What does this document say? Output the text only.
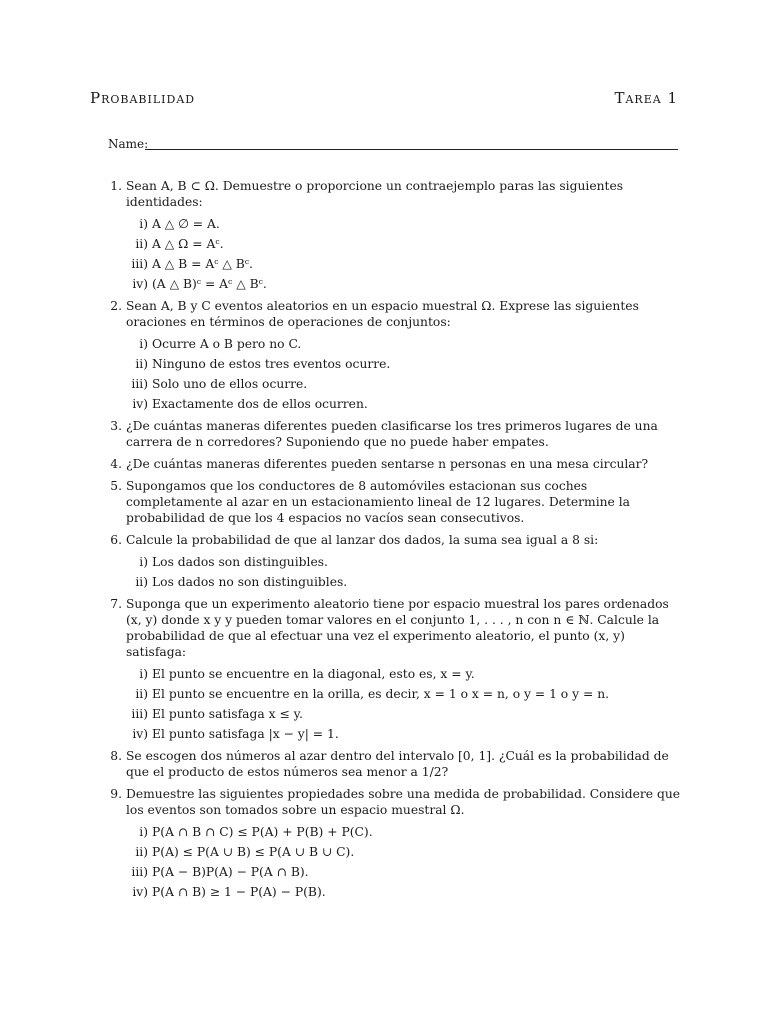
Probabilidad	Tarea 1
Name:
1. Sean A, B ⊂ Ω. Demuestre o proporcione un contraejemplo paras las siguientes identidades:
i) A △ ∅ = A.
ii) A △ Ω = Aᶜ.
iii) A △ B = Aᶜ △ Bᶜ.
iv) (A △ B)ᶜ = Aᶜ △ Bᶜ.
2. Sean A, B y C eventos aleatorios en un espacio muestral Ω. Exprese las siguientes oraciones en términos de operaciones de conjuntos:
i) Ocurre A o B pero no C.
ii) Ninguno de estos tres eventos ocurre.
iii) Solo uno de ellos ocurre.
iv) Exactamente dos de ellos ocurren.
3. ¿De cuántas maneras diferentes pueden clasificarse los tres primeros lugares de una carrera de n corredores? Suponiendo que no puede haber empates.
4. ¿De cuántas maneras diferentes pueden sentarse n personas en una mesa circular?
5. Supongamos que los conductores de 8 automóviles estacionan sus coches completamente al azar en un estacionamiento lineal de 12 lugares. Determine la probabilidad de que los 4 espacios no vacíos sean consecutivos.
6. Calcule la probabilidad de que al lanzar dos dados, la suma sea igual a 8 si:
i) Los dados son distinguibles.
ii) Los dados no son distinguibles.
7. Suponga que un experimento aleatorio tiene por espacio muestral los pares ordenados (x, y) donde x y y pueden tomar valores en el conjunto 1, . . . , n con n ∈ ℕ. Calcule la probabilidad de que al efectuar una vez el experimento aleatorio, el punto (x, y) satisfaga:
i) El punto se encuentre en la diagonal, esto es, x = y.
ii) El punto se encuentre en la orilla, es decir, x = 1 o x = n, o y = 1 o y = n.
iii) El punto satisfaga x ≤ y.
iv) El punto satisfaga |x − y| = 1.
8. Se escogen dos números al azar dentro del intervalo [0, 1]. ¿Cuál es la probabilidad de que el producto de estos números sea menor a 1/2?
9. Demuestre las siguientes propiedades sobre una medida de probabilidad. Considere que los eventos son tomados sobre un espacio muestral Ω.
i) P(A ∩ B ∩ C) ≤ P(A) + P(B) + P(C).
ii) P(A) ≤ P(A ∪ B) ≤ P(A ∪ B ∪ C).
iii) P(A − B)P(A) − P(A ∩ B).
iv) P(A ∩ B) ≥ 1 − P(A) − P(B).
